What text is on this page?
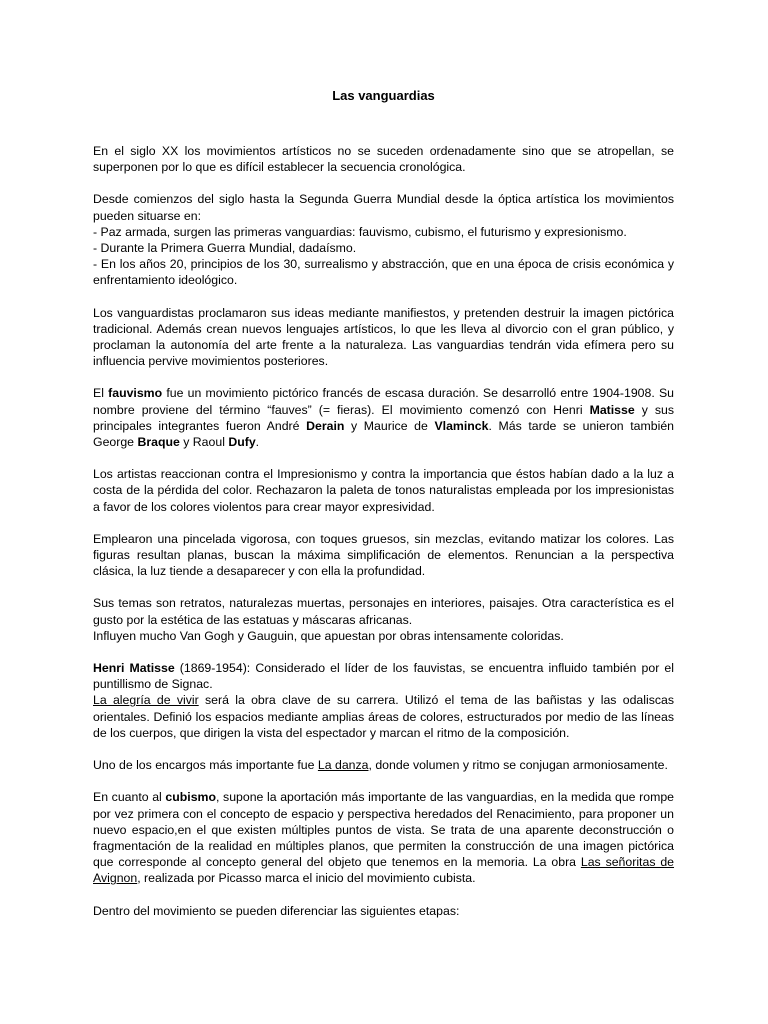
Las vanguardias

En el siglo XX los movimientos artísticos no se suceden ordenadamente sino que se atropellan, se superponen por lo que es difícil establecer la secuencia cronológica.

Desde comienzos del siglo hasta la Segunda Guerra Mundial desde la óptica artística los movimientos pueden situarse en:
- Paz armada, surgen las primeras vanguardias: fauvismo, cubismo, el futurismo y expresionismo.
- Durante la Primera Guerra Mundial, dadaísmo.
- En los años 20, principios de los 30, surrealismo y abstracción, que en una época de crisis económica y enfrentamiento ideológico.

Los vanguardistas proclamaron sus ideas mediante manifiestos, y pretenden destruir la imagen pictórica tradicional. Además crean nuevos lenguajes artísticos, lo que les lleva al divorcio con el gran público, y proclaman la autonomía del arte frente a la naturaleza. Las vanguardias tendrán vida efímera pero su influencia pervive movimientos posteriores.

El fauvismo fue un movimiento pictórico francés de escasa duración. Se desarrolló entre 1904-1908. Su nombre proviene del término “fauves” (= fieras). El movimiento comenzó con Henri Matisse y sus principales integrantes fueron André Derain y Maurice de Vlaminck. Más tarde se unieron también George Braque y Raoul Dufy.

Los artistas reaccionan contra el Impresionismo y contra la importancia que éstos habían dado a la luz a costa de la pérdida del color. Rechazaron la paleta de tonos naturalistas empleada por los impresionistas a favor de los colores violentos para crear mayor expresividad.

Emplearon una pincelada vigorosa, con toques gruesos, sin mezclas, evitando matizar los colores. Las figuras resultan planas, buscan la máxima simplificación de elementos. Renuncian a la perspectiva clásica, la luz tiende a desaparecer y con ella la profundidad.

Sus temas son retratos, naturalezas muertas, personajes en interiores, paisajes. Otra característica es el gusto por la estética de las estatuas y máscaras africanas.
Influyen mucho Van Gogh y Gauguin, que apuestan por obras intensamente coloridas.

Henri Matisse (1869-1954): Considerado el líder de los fauvistas, se encuentra influido también por el puntillismo de Signac.
La alegría de vivir será la obra clave de su carrera. Utilizó el tema de las bañistas y las odaliscas orientales. Definió los espacios mediante amplias áreas de colores, estructurados por medio de las líneas de los cuerpos, que dirigen la vista del espectador y marcan el ritmo de la composición.

Uno de los encargos más importante fue La danza, donde volumen y ritmo se conjugan armoniosamente.

En cuanto al cubismo, supone la aportación más importante de las vanguardias, en la medida que rompe por vez primera con el concepto de espacio y perspectiva heredados del Renacimiento, para proponer un nuevo espacio,en el que existen múltiples puntos de vista. Se trata de una aparente deconstrucción o fragmentación de la realidad en múltiples planos, que permiten la construcción de una imagen pictórica que corresponde al concepto general del objeto que tenemos en la memoria. La obra Las señoritas de Avignon, realizada por Picasso marca el inicio del movimiento cubista.

Dentro del movimiento se pueden diferenciar las siguientes etapas:
